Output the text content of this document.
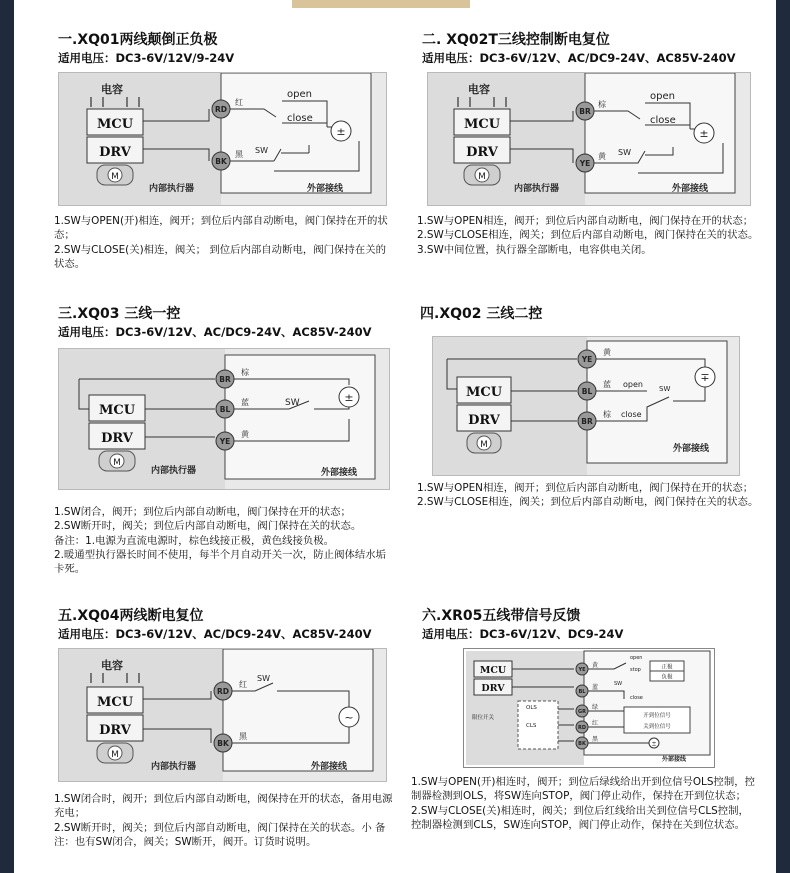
一.XQ01两线颠倒正负极
适用电压：DC3-6V/12V/9-24V
电容
MCU
DRV
M
RD
BK
红
黑
open
close
SW
±
内部执行器	外部接线

1.SW与OPEN(开)相连，阀开；到位后内部自动断电，阀门保持在开的状态；

2.SW与CLOSE(关)相连，阀关； 到位后内部自动断电，阀门保持在关的状态。

二. XQ02T三线控制断电复位
适用电压：DC3-6V/12V、AC/DC9-24V、AC85V-240V
电容
MCU
DRV
M
BR
YE
棕
黄
open
close
SW
±
内部执行器	外部接线

1.SW与OPEN相连，阀开；到位后内部自动断电，阀门保持在开的状态；

2.SW与CLOSE相连，阀关；到位后内部自动断电，阀门保持在关的状态。

3.SW中间位置，执行器全部断电，电容供电关闭。

三.XQ03 三线一控
适用电压：DC3-6V/12V、AC/DC9-24V、AC85V-240V
MCU
DRV
M
BR
BL
YE
棕
蓝
黄
SW	±
内部执行器	外部接线

1.SW闭合，阀开；到位后内部自动断电，阀门保持在开的状态；

2.SW断开时，阀关；到位后内部自动断电，阀门保持在关的状态。

备注：1.电源为直流电源时，棕色线接正极，黄色线接负极。

2.暖通型执行器长时间不使用，每半个月自动开关一次，防止阀体结水垢卡死。

四.XQ02 三线二控
MCU
DRV
M
YE
BL
BR
黄
蓝
棕
open
close
SW
∓
外部接线

1.SW与OPEN相连，阀开；到位后内部自动断电，阀门保持在开的状态；

2.SW与CLOSE相连，阀关；到位后内部自动断电，阀门保持在关的状态。

五.XQ04两线断电复位
适用电压：DC3-6V/12V、AC/DC9-24V、AC85V-240V
电容
MCU
DRV
M
RD
BK
红
黑
SW
~
内部执行器	外部接线

1.SW闭合时，阀开；到位后内部自动断电，阀保持在开的状态，备用电源充电；

2.SW断开时，阀关；到位后内部自动断电，阀门保持在关的状态。小 备注：也有SW闭合，阀关；SW断开，阀开。订货时说明。

六.XR05五线带信号反馈
适用电压：DC3-6V/12V、DC9-24V
MCU
DRV
OLS
CLS
限位开关
YE
BL
GR
RD
BK
黄
蓝
绿
红
黑
open
stop
close
SW
正极
负极
开到位信号
关到位信号
±
外部接线

1.SW与OPEN(开)相连时，阀开；到位后绿线给出开到位信号OLS控制，控制器检测到OLS，将SW连向STOP，阀门停止动作，保持在开到位状态；

2.SW与CLOSE(关)相连时，阀关；到位后红线给出关到位信号CLS控制，控制器检测到CLS，SW连向STOP，阀门停止动作，保持在关到位状态。
